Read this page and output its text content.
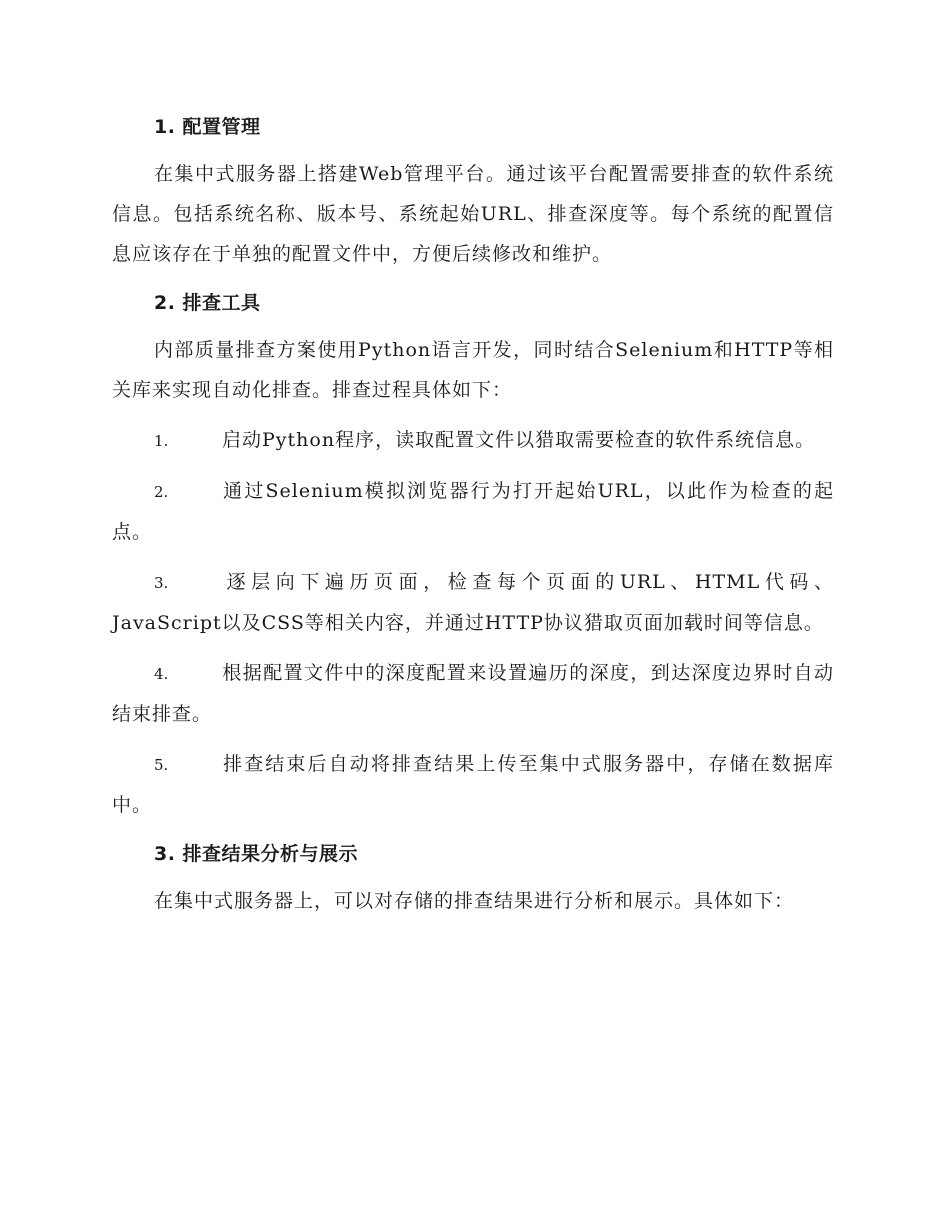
1. 配置管理

在集中式服务器上搭建Web管理平台。通过该平台配置需要排查的软件系统信息。包括系统名称、版本号、系统起始URL、排查深度等。每个系统的配置信息应该存在于单独的配置文件中，方便后续修改和维护。

2. 排查工具

内部质量排查方案使用Python语言开发，同时结合Selenium和HTTP等相关库来实现自动化排查。排查过程具体如下：

1.	启动Python程序，读取配置文件以猎取需要检查的软件系统信息。

2.	通过Selenium模拟浏览器行为打开起始URL，以此作为检查的起点。

3.	逐层向下遍历页面，检查每个页面的URL、HTML代码、JavaScript以及CSS等相关内容，并通过HTTP协议猎取页面加载时间等信息。

4.	根据配置文件中的深度配置来设置遍历的深度，到达深度边界时自动结束排查。

5.	排查结束后自动将排查结果上传至集中式服务器中，存储在数据库中。

3. 排查结果分析与展示

在集中式服务器上，可以对存储的排查结果进行分析和展示。具体如下：
